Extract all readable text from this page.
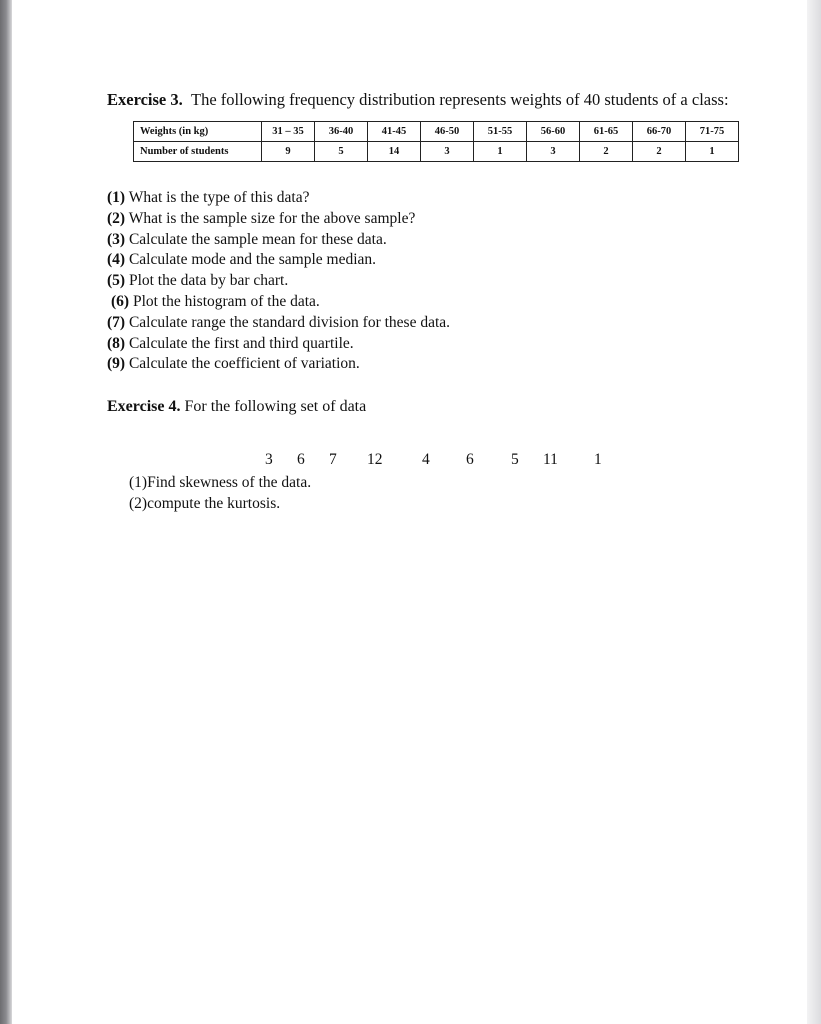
Exercise 3. The following frequency distribution represents weights of 40 students of a class:

Weights (in kg)	31 – 35	36-40	41-45	46-50	51-55	56-60	61-65	66-70	71-75
Number of students	9	5	14	3	1	3	2	2	1
(1) What is the type of this data?
(2) What is the sample size for the above sample?
(3) Calculate the sample mean for these data.
(4) Calculate mode and the sample median.
(5) Plot the data by bar chart.
(6) Plot the histogram of the data.
(7) Calculate range the standard division for these data.
(8) Calculate the first and third quartile.
(9) Calculate the coefficient of variation.

Exercise 4. For the following set of data

3 6 7 12	4 6 5 11 1
(1)Find skewness of the data.
(2)compute the kurtosis.
